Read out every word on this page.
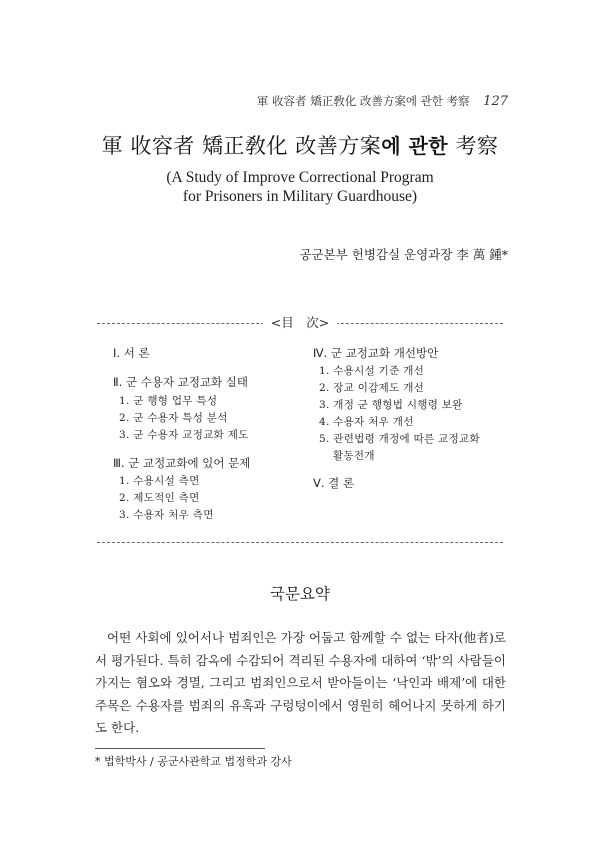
軍 收容者 矯正敎化 改善方案에 관한 考察 127
軍 收容者 矯正敎化 改善方案에 관한 考察
(A Study of Improve Correctional Program
for Prisoners in Military Guardhouse)
공군본부 헌병감실 운영과장 李 萬 鍾*
<目　次>
Ⅰ. 서 론
Ⅱ. 군 수용자 교정교화 실태
1. 군 행형 업무 특성
2. 군 수용자 특성 분석
3. 군 수용자 교정교화 제도
Ⅲ. 군 교정교화에 있어 문제
1. 수용시설 측면
2. 제도적인 측면
3. 수용자 처우 측면
Ⅳ. 군 교정교화 개선방안
1. 수용시설 기준 개선
2. 장교 이감제도 개선
3. 개정 군 행형법 시행령 보완
4. 수용자 처우 개선
5. 관련법령 개정에 따른 교정교화
활동전개
Ⅴ. 결 론
국문요약
어떤 사회에 있어서나 범죄인은 가장 어둡고 함께할 수 없는 타자(他者)로서 평가된다. 특히 감옥에 수감되어 격리된 수용자에 대하여 ‘밖’의 사람들이 가지는 혐오와 경멸, 그리고 범죄인으로서 받아들이는 ‘낙인과 배제’에 대한 주목은 수용자를 범죄의 유혹과 구렁텅이에서 영원히 헤어나지 못하게 하기도 한다.
* 법학박사 / 공군사관학교 법정학과 강사
